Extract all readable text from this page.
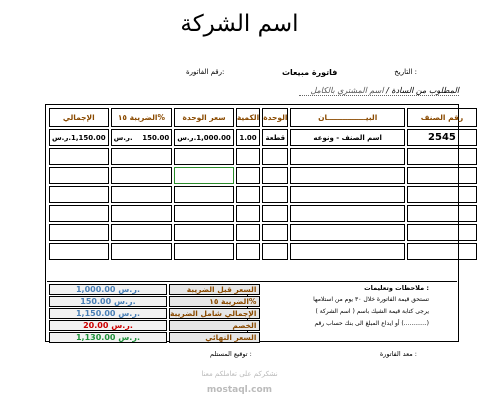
اسم الشركة
التاريخ :
فاتورة مبيعات
رقم الفاتورة:
المطلوب من السادة / اسم المشتري بالكامل
الإجمالي	الضريبة ١٥%	سعر الوحدة	الكمية	الوحدة	البيـــــــــــــــان	رقم الصنف

ر.س. 1,150.00	ر.س. 150.00	ر.س. 1,000.00	1.00	قطعة	اسم الصنف - ونوعه	2545

1,000.00 ر.س.	السعر قبل الضريبة
150.00 ر.س.	الضريبة ١٥%
1,150.00 ر.س.	الإجمالي شامل الضريبة
20.00 ر.س.	الخصم
1,130.00 ر.س.	السعر النهائي
ملاحظات وتعليمات :
تستحق قيمة الفاتورة خلال ٣٠ يوم من استلامها
يرجى كتابة قيمة الشيك باسم ( اسم الشركة )
أو ايداع المبلغ الى بنك حساب رقم (............)
توقيع المستلم :	معد الفاتورة :
نشكركم على تعاملكم معنا
mostaql.com
